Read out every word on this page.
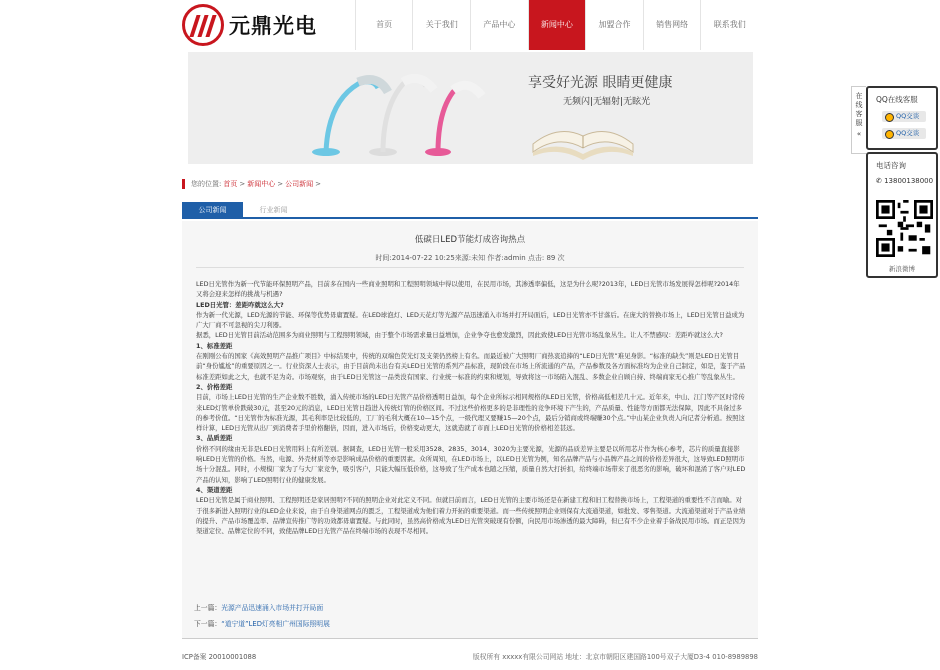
元鼎光电	首页	关于我们	产品中心	新闻中心	加盟合作	销售网络	联系我们
享受好光源 眼睛更健康
无频闪|无辐射|无眩光
您的位置: 首页 > 新闻中心 > 公司新闻 >
公司新闻	行业新闻
低碳日LED节能灯成咨询热点
时间:2014-07-22 10:25来源:未知 作者:admin 点击: 89 次

LED日光管作为新一代节能环保照明产品，目前多在国内一些商业照明和工程照明领域中得以使用，在民用市场，其渗透率偏低，这是为什么呢?2013年，LED日光管市场发展得怎样呢?2014年又将会迎来怎样的挑战与机遇?

LED日光管：差距咋就这么大?

作为新一代光源，LED光源的节能、环保等优势毋庸置疑。在LED球泡灯、LED天花灯等光源产品迅速涌入市场并打开局面后，LED日光管亦不甘落后。在庞大的替换市场上，LED日光管日益成为广大厂商不可忽视的尖刀利器。

据悉，LED日光管目前活动范围多为商业照明与工程照明领域，由于整个市场需求量日益增加，企业争夺也愈发激烈，因此致使LED日光管市场乱象丛生。让人不禁感叹：差距咋就这么大?

1、标准差距

在刚刚公布的国家《高效照明产品推广项目》中标结果中，传统的双端色荧光灯及支架仍然榜上有名。而最近被广大照明厂商热衷追捧的“LED日光管”难见身影。“标准的缺失”则是LED日光管目前“身份尴尬”的重要原因之一。行业资深人士表示，由于目前尚未出台有关LED日光管的系列产品标准，现阶段在市场上所流通的产品，产品参数及各方面标准均为企业自己制定，如是，鉴于产品标准差距如此之大，也就不足为奇。市场观察，由于LED日光管这一品类没有国家、行业统一标准的约束和规划，导致将这一市场陷入混乱、多数企业自顾自持、终端商家无心推广等乱象丛生。

2、价格差距

目前，市场上LED日光管的生产企业数不胜数，涌入传统市场的LED日光管产品价格透明日益加，每个企业所标示相同规格的LED日光管，价格高低相差几十元。近年来，中山、江门等产区时常传来LED灯管单价跌破30元，甚至20元的消息，LED日光管日趋进入传统灯管的价格区间。不过这些价格更多的是非理性的竞争环境下产生的，产品质量、性能等方面都无法保障，因此不具备过多的参考价值。“日光管作为标准光源，其毛利率是比较低的，工厂的毛利大概在10—15个点，一级代理又要赚15—20个点，最后分销商或终端赚30个点。”中山某企业负责人向记者分析道。按照这样计算，LED日光管从出厂到消费者手里价格翻倍，因而，进入市场后，价格变动更大，这就造就了市面上LED日光管的价格相差甚远。

3、品质差距

价格不同的缘由无非是LED日光管用料上有所差别。据调查，LED日光管一般采用3528、2835、3014、3020为主要光源，光源的品质差异主要是以所用芯片作为核心参考，芯片的质量直接影响LED日光管的价格。当然，电源、外壳材质等亦是影响成品价格的重要因素。众所周知，在LED市场上，以LED日光管为例，知名品牌产品与小品牌产品之间的价格差异很大，这导致LED照明市场十分混乱。同时，小规模厂家为了与大厂家竞争，吸引客户，只能大幅压低价格，这导致了生产成本也随之压缩，质量自然大打折扣，给终端市场带来了很恶劣的影响，破坏和混淆了客户对LED产品的认知，影响了LED照明行业的健康发展。

4、渠道差距

LED日光管是属于商业照明、工程照明还是家居照明?不同的照明企业对此定义不同。但就目前而言，LED日光管的主要市场还是在新建工程和旧工程替换市场上，工程渠道的重要性不言而喻。对于很多新进入照明行业的LED企业来说，由于自身渠道网点的匮乏，工程渠道成为他们着力开拓的重要渠道。而一些传统照明企业则保有大流通渠道，如批发、零售渠道。大流通渠道对于产品业绩的提升、产品市场覆盖率、品牌宣传推广等的功效都毋庸置疑。与此同时，虽然高价格成为LED日光管突破现有份额，向民用市场渗透的最大障碍，但已有不少企业着手备战民用市场。而正是因为渠道定位、品牌定位的不同，致使品牌LED日光管产品在终端市场的表现不尽相同。

上一篇：光源产品迅速涌入市场并打开局面
下一篇：“道宁道”LED灯亮相广州国际照明展
ICP备案 20010001088	版权所有 xxxxx有限公司网站 地址：北京市朝阳区建国路100号双子大厦D3-4 010-8989898
在
线
客
服
«
QQ在线客服
QQ交谈
QQ交谈
电话咨询
✆ 13800138000
新浪微博
